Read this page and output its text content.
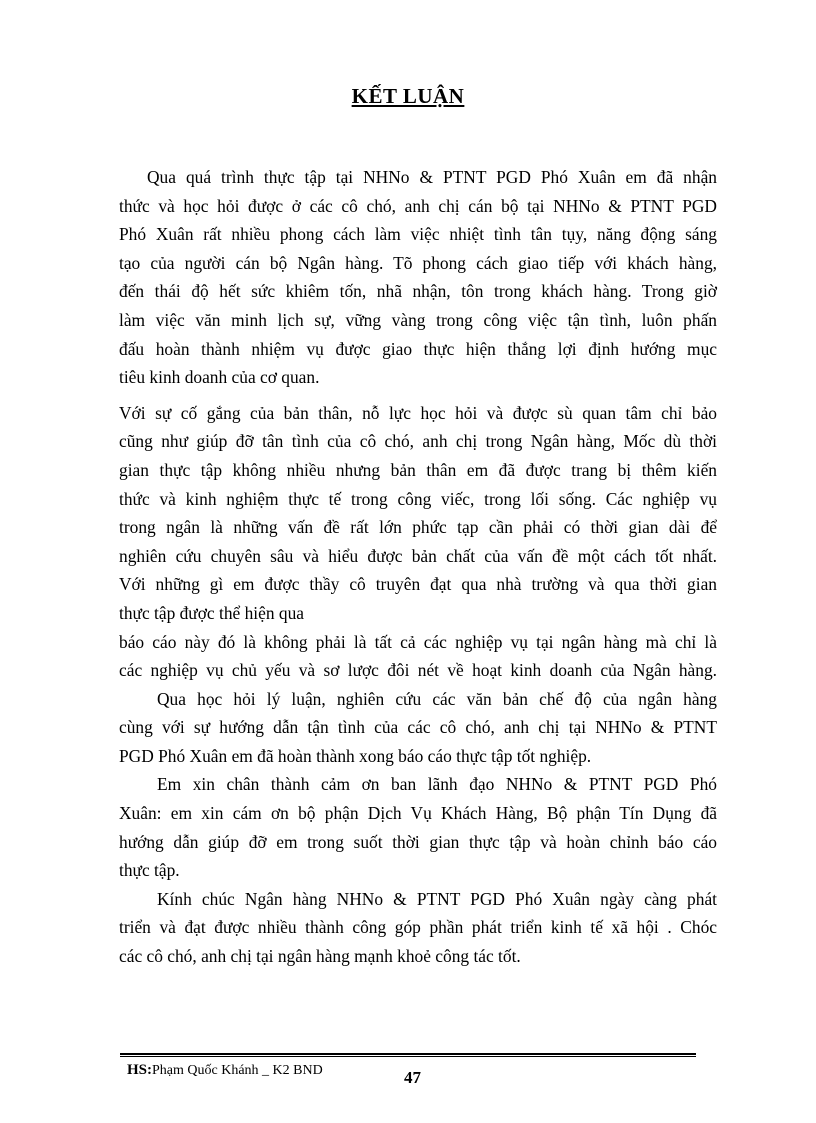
KẾT LUẬN
Qua quá trình thực tập tại NHNo & PTNT PGD Phó Xuân em đã nhận
thức và học hỏi được ở các cô chó, anh chị cán bộ tại NHNo & PTNT PGD
Phó Xuân rất nhiều phong cách làm việc nhiệt tình tân tụy, năng động sáng
tạo của người cán bộ Ngân hàng. Tõ phong cách giao tiếp với khách hàng,
đến thái độ hết sức khiêm tốn, nhã nhận, tôn trong khách hàng. Trong giờ
làm việc văn minh lịch sự, vững vàng trong công việc tận tình, luôn phấn
đấu hoàn thành nhiệm vụ được giao thực hiện thắng lợi định hướng mục
tiêu kinh doanh của cơ quan.
Với sự cố gắng của bản thân, nỗ lực học hỏi và được sù quan tâm chỉ bảo
cũng như giúp đỡ tân tình của cô chó, anh chị trong Ngân hàng, Mốc dù thời
gian thực tập không nhiều nhưng bản thân em đã được trang bị thêm kiến
thức và kinh nghiệm thực tế trong công viếc, trong lối sống. Các nghiệp vụ
trong ngân là những vấn đề rất lớn phức tạp cần phải có thời gian dài để
nghiên cứu chuyên sâu và hiểu được bản chất của vấn đề một cách tốt nhất.
Với những gì em được thầy cô truyên đạt qua nhà trường và qua thời gian
thực tập được thể hiện qua
báo cáo này đó là không phải là tất cả các nghiệp vụ tại ngân hàng mà chỉ là
các nghiệp vụ chủ yếu và sơ lược đôi nét về hoạt kinh doanh của Ngân hàng.
Qua học hỏi lý luận, nghiên cứu các văn bản chế độ của ngân hàng
cùng với sự hướng dẫn tận tình của các cô chó, anh chị tại NHNo & PTNT
PGD Phó Xuân em đã hoàn thành xong báo cáo thực tập tốt nghiệp.
Em xin chân thành cảm ơn ban lãnh đạo NHNo & PTNT PGD Phó
Xuân: em xin cám ơn bộ phận Dịch Vụ Khách Hàng, Bộ phận Tín Dụng đã
hướng dẫn giúp đỡ em trong suốt thời gian thực tập và hoàn chỉnh báo cáo
thực tập.
Kính chúc Ngân hàng NHNo & PTNT PGD Phó Xuân ngày càng phát
triển và đạt được nhiều thành công góp phần phát triển kinh tế xã hội . Chóc
các cô chó, anh chị tại ngân hàng mạnh khoẻ công tác tốt.
HS:Phạm Quốc Khánh _ K2 BND	47
